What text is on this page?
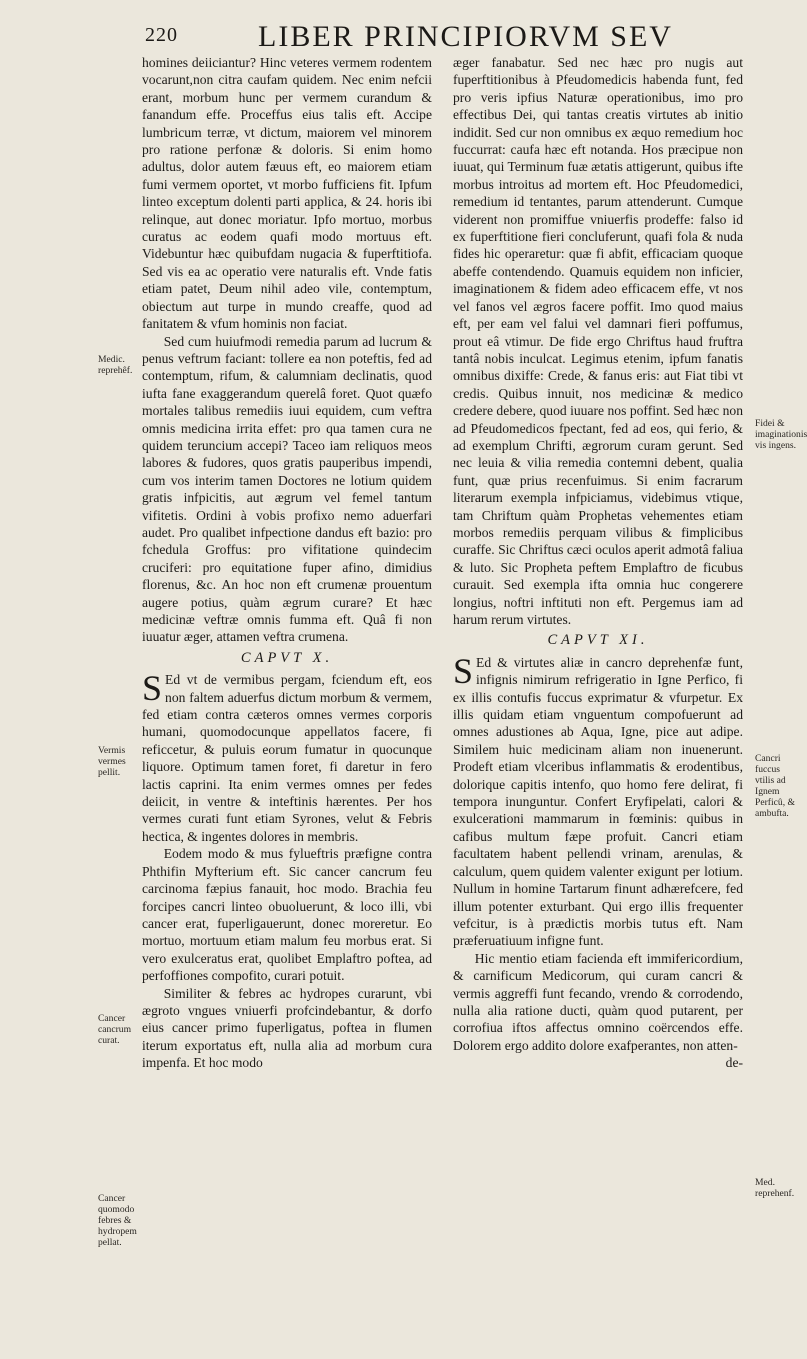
220	LIBER PRINCIPIORVM SEV
Medic. reprehêf.
Vermis vermes pellit.
Cancer cancrum curat.
Cancer quomodo febres & hydropem pellat.
Fidei & imaginationis vis ingens.
Cancri fuccus vtilis ad Ignem Perficû, & ambufta.
Med. reprehenf.

homines deiiciantur? Hinc veteres vermem rodentem vocarunt,non citra caufam quidem. Nec enim nefcii erant, morbum hunc per vermem curandum & fanandum effe. Proceffus eius talis eft. Accipe lumbricum terræ, vt dictum, maiorem vel minorem pro ratione perfonæ & doloris. Si enim homo adultus, dolor autem fæuus eft, eo maiorem etiam fumi vermem oportet, vt morbo fufficiens fit. Ipfum linteo exceptum dolenti parti applica, & 24. horis ibi relinque, aut donec moriatur. Ipfo mortuo, morbus curatus ac eodem quafi modo mortuus eft. Videbuntur hæc quibufdam nugacia & fuperftitiofa. Sed vis ea ac operatio vere naturalis eft. Vnde fatis etiam patet, Deum nihil adeo vile, contemptum, obiectum aut turpe in mundo creaffe, quod ad fanitatem & vfum hominis non faciat.

Sed cum huiufmodi remedia parum ad lucrum & penus veftrum faciant: tollere ea non poteftis, fed ad contemptum, rifum, & calumniam declinatis, quod iufta fane exaggerandum querelâ foret. Quot quæfo mortales talibus remediis iuui equidem, cum veftra omnis medicina irrita effet: pro qua tamen cura ne quidem teruncium accepi? Taceo iam reliquos meos labores & fudores, quos gratis pauperibus impendi, cum vos interim tamen Doctores ne lotium quidem gratis infpicitis, aut ægrum vel femel tantum vifitetis. Ordini à vobis profixo nemo aduerfari audet. Pro qualibet infpectione dandus eft bazio: pro fchedula Groffus: pro vifitatione quindecim cruciferi: pro equitatione fuper afino, dimidius florenus, &c. An hoc non eft crumenæ prouentum augere potius, quàm ægrum curare? Et hæc medicinæ veftræ omnis fumma eft. Quâ fi non iuuatur æger, attamen veftra crumena.

CAPVT X.

S Ed vt de vermibus pergam, fciendum eft, eos non faltem aduerfus dictum morbum & vermem, fed etiam contra cæteros omnes vermes corporis humani, quomodocunque appellatos facere, fi reficcetur, & puluis eorum fumatur in quocunque liquore. Optimum tamen foret, fi daretur in fero lactis caprini. Ita enim vermes omnes per fedes deiicit, in ventre & inteftinis hærentes. Per hos vermes curati funt etiam Syrones, velut & Febris hectica, & ingentes dolores in membris.

Eodem modo & mus fylueftris præfigne contra Phthifin Myfterium eft. Sic cancer cancrum feu carcinoma fæpius fanauit, hoc modo. Brachia feu forcipes cancri linteo obuoluerunt, & loco illi, vbi cancer erat, fuperligauerunt, donec moreretur. Eo mortuo, mortuum etiam malum feu morbus erat. Si vero exulceratus erat, quolibet Emplaftro poftea, ad perfoffiones compofito, curari potuit.

Similiter & febres ac hydropes curarunt, vbi ægroto vngues vniuerfi profcindebantur, & dorfo eius cancer primo fuperligatus, poftea in flumen iterum exportatus eft, nulla alia ad morbum cura impenfa. Et hoc modo

æger fanabatur. Sed nec hæc pro nugis aut fuperftitionibus à Pfeudomedicis habenda funt, fed pro veris ipfius Naturæ operationibus, imo pro effectibus Dei, qui tantas creatis virtutes ab initio indidit. Sed cur non omnibus ex æquo remedium hoc fuccurrat: caufa hæc eft notanda. Hos præcipue non iuuat, qui Terminum fuæ ætatis attigerunt, quibus ifte morbus introitus ad mortem eft. Hoc Pfeudomedici, remedium id tentantes, parum attenderunt. Cumque viderent non promiffue vniuerfis prodeffe: falso id ex fuperftitione fieri concluferunt, quafi fola & nuda fides hic operaretur: quæ fi abfit, efficaciam quoque abeffe contendendo. Quamuis equidem non inficier, imaginationem & fidem adeo efficacem effe, vt nos vel fanos vel ægros facere poffit. Imo quod maius eft, per eam vel falui vel damnari fieri poffumus, prout eâ vtimur. De fide ergo Chriftus haud fruftra tantâ nobis inculcat. Legimus etenim, ipfum fanatis omnibus dixiffe: Crede, & fanus eris: aut Fiat tibi vt credis. Quibus innuit, nos medicinæ & medico credere debere, quod iuuare nos poffint. Sed hæc non ad Pfeudomedicos fpectant, fed ad eos, qui ferio, & ad exemplum Chrifti, ægrorum curam gerunt. Sed nec leuia & vilia remedia contemni debent, qualia funt, quæ prius recenfuimus. Si enim facrarum literarum exempla infpiciamus, videbimus vtique, tam Chriftum quàm Prophetas vehementes etiam morbos remediis perquam vilibus & fimplicibus curaffe. Sic Chriftus cæci oculos aperit admotâ faliua & luto. Sic Propheta peftem Emplaftro de ficubus curauit. Sed exempla ifta omnia huc congerere longius, noftri inftituti non eft. Pergemus iam ad harum rerum virtutes.

CAPVT XI.

S Ed & virtutes aliæ in cancro deprehenfæ funt, infignis nimirum refrigeratio in Igne Perfico, fi ex illis contufis fuccus exprimatur & vfurpetur. Ex illis quidam etiam vnguentum compofuerunt ad omnes adustiones ab Aqua, Igne, pice aut adipe. Similem huic medicinam aliam non inuenerunt. Prodeft etiam vlceribus inflammatis & erodentibus, dolorique capitis intenfo, quo homo fere delirat, fi tempora inunguntur. Confert Eryfipelati, calori & exulcerationi mammarum in fœminis: quibus in cafibus multum fæpe profuit. Cancri etiam facultatem habent pellendi vrinam, arenulas, & calculum, quem quidem valenter exigunt per lotium. Nullum in homine Tartarum finunt adhærefcere, fed illum potenter exturbant. Qui ergo illis frequenter vefcitur, is à prædictis morbis tutus eft. Nam præferuatiuum infigne funt.

Hic mentio etiam facienda eft immifericordium, & carnificum Medicorum, qui curam cancri & vermis aggreffi funt fecando, vrendo & corrodendo, nulla alia ratione ducti, quàm quod putarent, per corrofiua iftos affectus omnino coërcendos effe. Dolorem ergo addito dolore exafperantes, non atten-

de-
